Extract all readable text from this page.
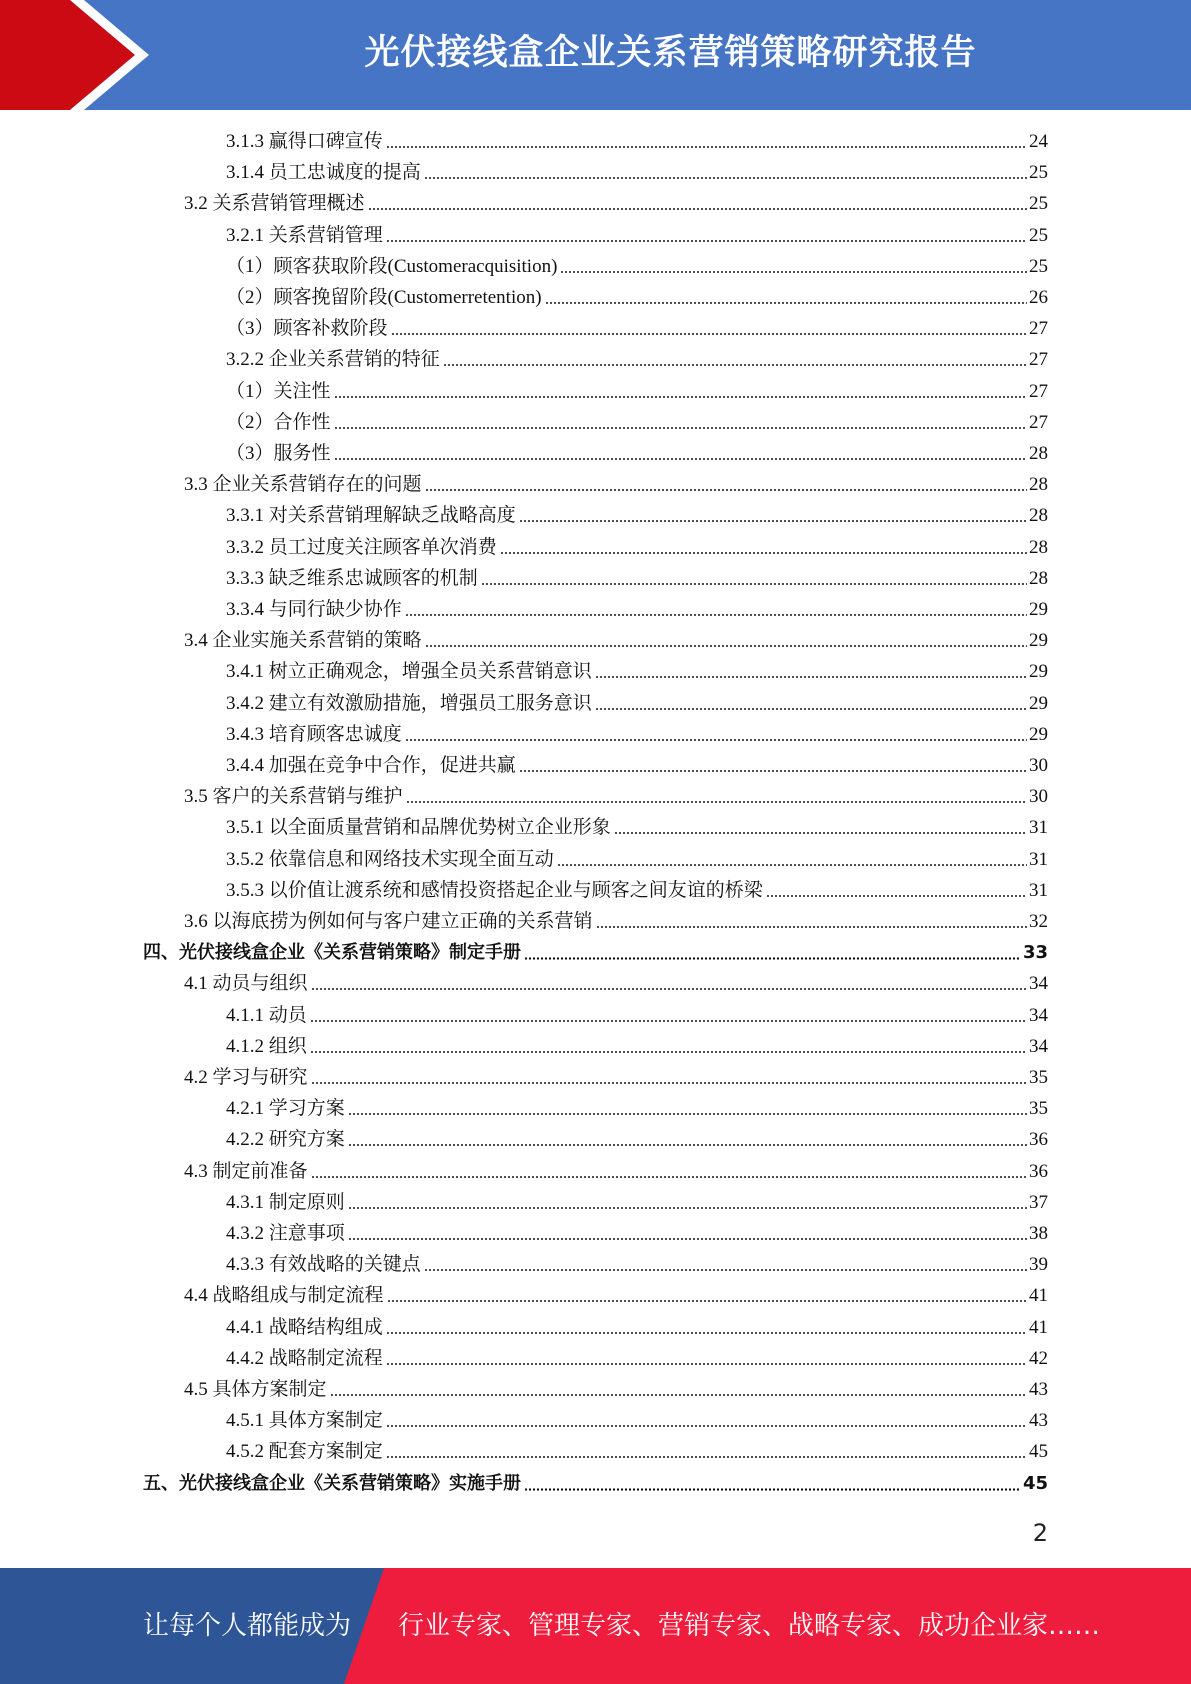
光伏接线盒企业关系营销策略研究报告
3.1.3 赢得口碑宣传	24
3.1.4 员工忠诚度的提高	25
3.2 关系营销管理概述	25
3.2.1 关系营销管理	25
（1）顾客获取阶段(Customeracquisition)	25
（2）顾客挽留阶段(Customerretention)	26
（3）顾客补救阶段	27
3.2.2 企业关系营销的特征	27
（1）关注性	27
（2）合作性	27
（3）服务性	28
3.3 企业关系营销存在的问题	28
3.3.1 对关系营销理解缺乏战略高度	28
3.3.2 员工过度关注顾客单次消费	28
3.3.3 缺乏维系忠诚顾客的机制	28
3.3.4 与同行缺少协作	29
3.4 企业实施关系营销的策略	29
3.4.1 树立正确观念，增强全员关系营销意识	29
3.4.2 建立有效激励措施，增强员工服务意识	29
3.4.3 培育顾客忠诚度	29
3.4.4 加强在竞争中合作，促进共赢	30
3.5 客户的关系营销与维护	30
3.5.1 以全面质量营销和品牌优势树立企业形象	31
3.5.2 依靠信息和网络技术实现全面互动	31
3.5.3 以价值让渡系统和感情投资搭起企业与顾客之间友谊的桥梁	31
3.6 以海底捞为例如何与客户建立正确的关系营销	32
四、光伏接线盒企业《关系营销策略》制定手册	33
4.1 动员与组织	34
4.1.1 动员	34
4.1.2 组织	34
4.2 学习与研究	35
4.2.1 学习方案	35
4.2.2 研究方案	36
4.3 制定前准备	36
4.3.1 制定原则	37
4.3.2 注意事项	38
4.3.3 有效战略的关键点	39
4.4 战略组成与制定流程	41
4.4.1 战略结构组成	41
4.4.2 战略制定流程	42
4.5 具体方案制定	43
4.5.1 具体方案制定	43
4.5.2 配套方案制定	45
五、光伏接线盒企业《关系营销策略》实施手册	45
2
让每个人都能成为 行业专家、管理专家、营销专家、战略专家、成功企业家……
